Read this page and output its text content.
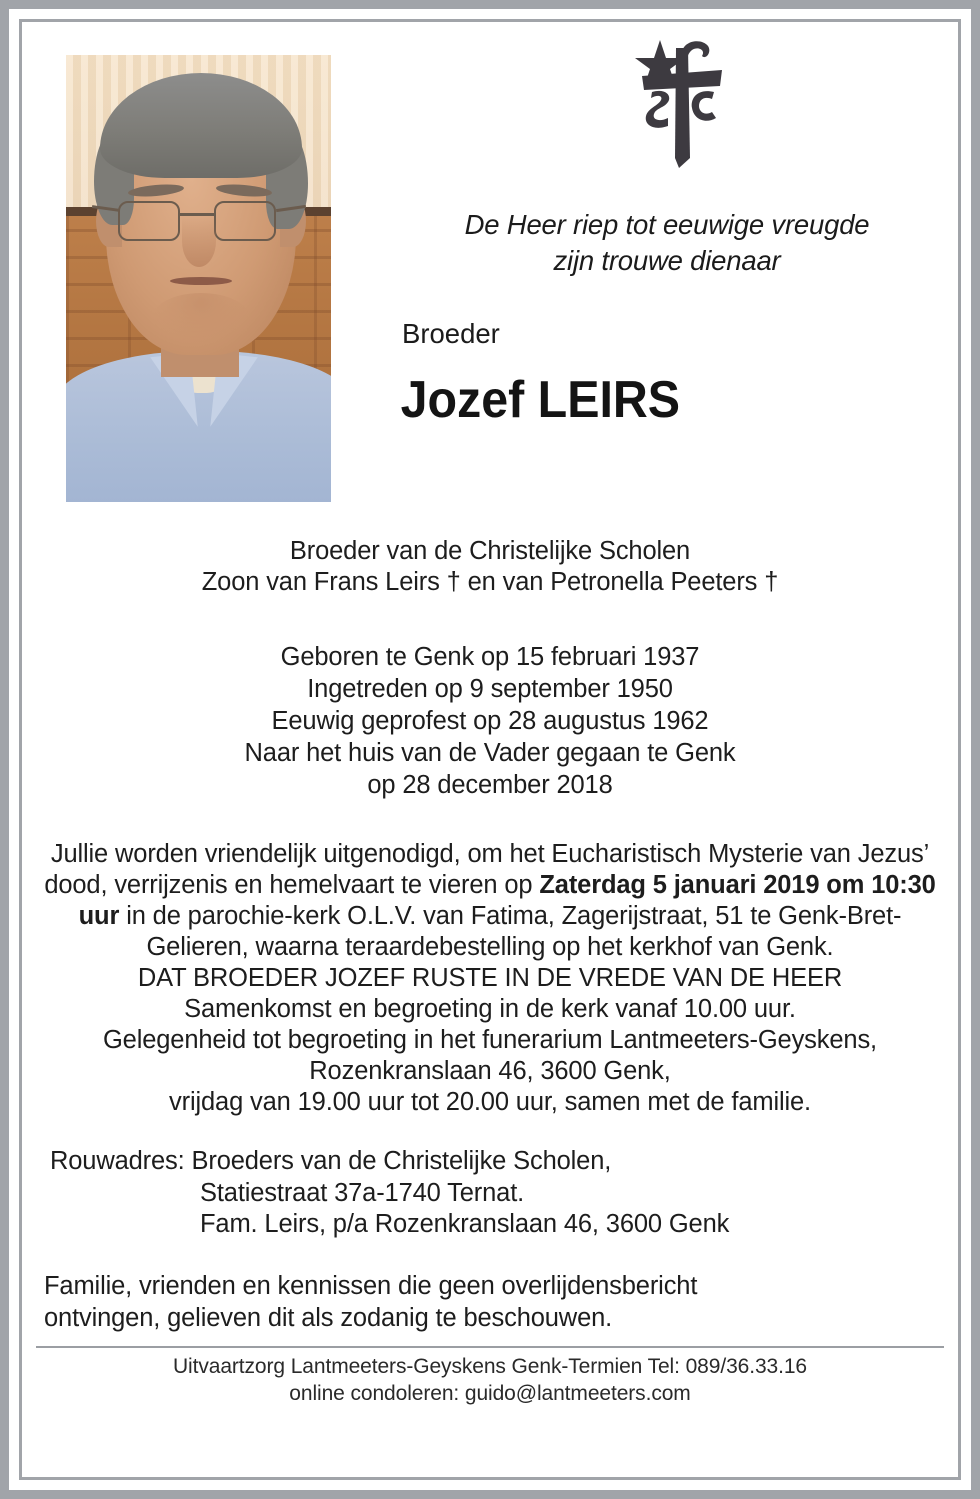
De Heer riep tot eeuwige vreugde
zijn trouwe dienaar
Broeder
Jozef LEIRS
Broeder van de Christelijke Scholen
Zoon van Frans Leirs † en van Petronella Peeters †
Geboren te Genk op 15 februari 1937
Ingetreden op 9 september 1950
Eeuwig geprofest op 28 augustus 1962
Naar het huis van de Vader gegaan te Genk
op 28 december 2018
Jullie worden vriendelijk uitgenodigd, om het Eucharistisch Mysterie van Jezus’ dood, verrijzenis en hemelvaart te vieren op Zaterdag 5 januari 2019 om 10:30 uur in de parochie-kerk O.L.V. van Fatima, Zagerijstraat, 51 te Genk-Bret-Gelieren, waarna teraardebestelling op het kerkhof van Genk.
DAT BROEDER JOZEF RUSTE IN DE VREDE VAN DE HEER
Samenkomst en begroeting in de kerk vanaf 10.00 uur.
Gelegenheid tot begroeting in het funerarium Lantmeeters-Geyskens, Rozenkranslaan 46, 3600 Genk,
vrijdag van 19.00 uur tot 20.00 uur, samen met de familie.
Rouwadres: Broeders van de Christelijke Scholen,
Statiestraat 37a-1740 Ternat.
Fam. Leirs, p/a Rozenkranslaan 46, 3600 Genk
Familie, vrienden en kennissen die geen overlijdensbericht
ontvingen, gelieven dit als zodanig te beschouwen.
Uitvaartzorg Lantmeeters-Geyskens Genk-Termien Tel: 089/36.33.16
online condoleren: guido@lantmeeters.com
